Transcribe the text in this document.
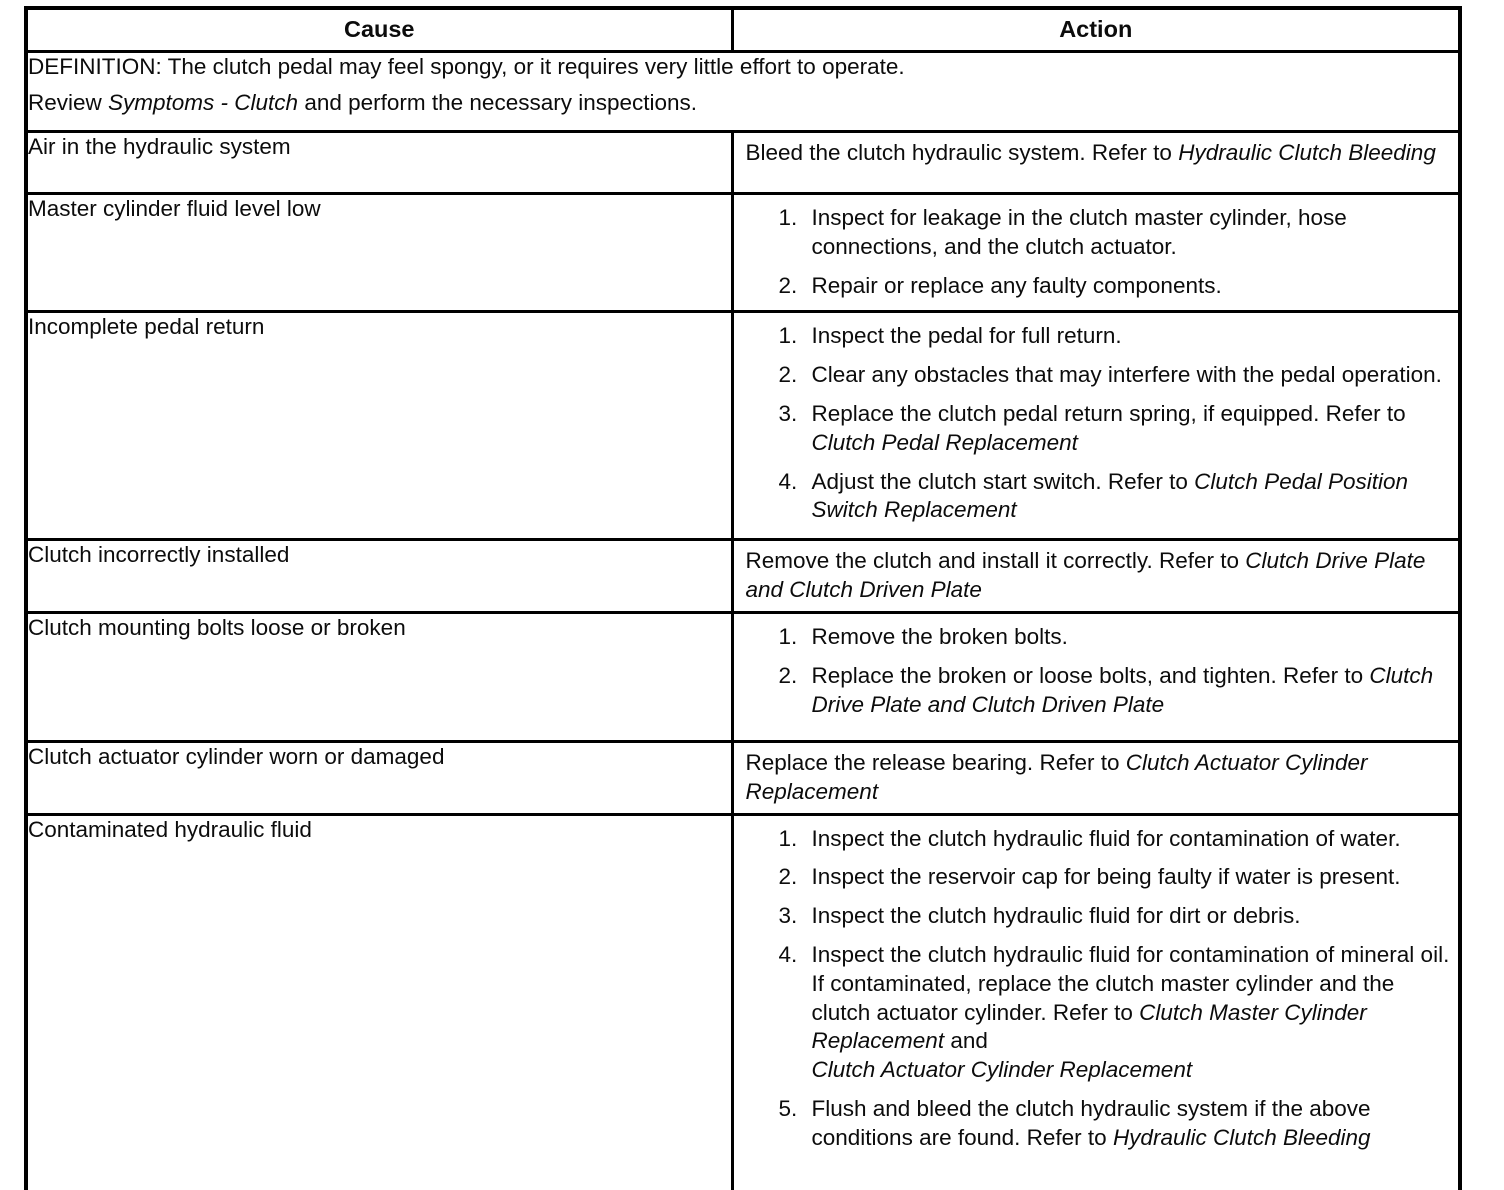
Cause	Action

DEFINITION: The clutch pedal may feel spongy, or it requires very little effort to operate.
Review Symptoms - Clutch and perform the necessary inspections.	

Air in the hydraulic system	Bleed the clutch hydraulic system. Refer to Hydraulic Clutch Bleeding

Master cylinder fluid level low	
1.Inspect for leakage in the clutch master cylinder, hose connections, and the clutch actuator.
2. Repair or replace any faulty components.

Incomplete pedal return	
1.Inspect the pedal for full return.
2. Clear any obstacles that may interfere with the pedal operation.
3. Replace the clutch pedal return spring, if equipped. Refer to Clutch Pedal Replacement
4. Adjust the clutch start switch. Refer to Clutch Pedal Position Switch Replacement

Clutch incorrectly installed	Remove the clutch and install it correctly. Refer to Clutch Drive Plate and Clutch Driven Plate

Clutch mounting bolts loose or broken	
1.Remove the broken bolts.
2. Replace the broken or loose bolts, and tighten. Refer to Clutch Drive Plate and Clutch Driven Plate

Clutch actuator cylinder worn or damaged	Replace the release bearing. Refer to Clutch Actuator Cylinder Replacement

Contaminated hydraulic fluid	
1.Inspect the clutch hydraulic fluid for contamination of water.
2. Inspect the reservoir cap for being faulty if water is present.
3. Inspect the clutch hydraulic fluid for dirt or debris.
4. Inspect the clutch hydraulic fluid for contamination of mineral oil. If contaminated, replace the clutch master cylinder and the clutch actuator cylinder. Refer to Clutch Master Cylinder Replacement and
Clutch Actuator Cylinder Replacement
5. Flush and bleed the clutch hydraulic system if the above conditions are found. Refer to Hydraulic Clutch Bleeding
